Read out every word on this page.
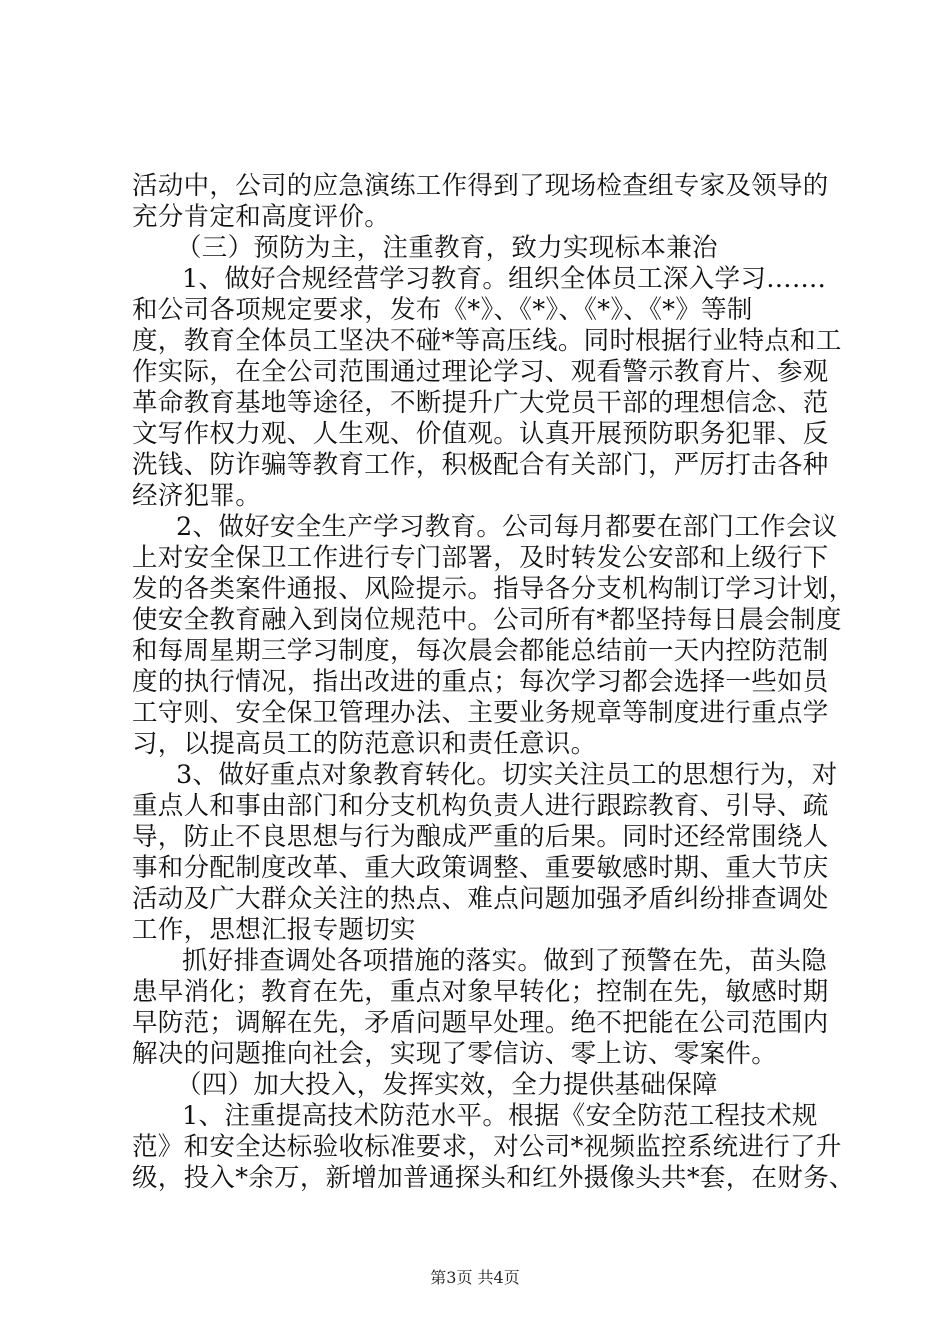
活动中，公司的应急演练工作得到了现场检查组专家及领导的
充分肯定和高度评价。
（三）预防为主，注重教育，致力实现标本兼治
1、做好合规经营学习教育。组织全体员工深入学习……．
和公司各项规定要求，发布《*》、《*》、《*》、《*》等制
度，教育全体员工坚决不碰*等高压线。同时根据行业特点和工
作实际，在全公司范围通过理论学习、观看警示教育片、参观
革命教育基地等途径，不断提升广大党员干部的理想信念、范
文写作权力观、人生观、价值观。认真开展预防职务犯罪、反
洗钱、防诈骗等教育工作，积极配合有关部门，严厉打击各种
经济犯罪。
2、做好安全生产学习教育。公司每月都要在部门工作会议
上对安全保卫工作进行专门部署，及时转发公安部和上级行下
发的各类案件通报、风险提示。指导各分支机构制订学习计划，
使安全教育融入到岗位规范中。公司所有*都坚持每日晨会制度
和每周星期三学习制度，每次晨会都能总结前一天内控防范制
度的执行情况，指出改进的重点；每次学习都会选择一些如员
工守则、安全保卫管理办法、主要业务规章等制度进行重点学
习，以提高员工的防范意识和责任意识。
3、做好重点对象教育转化。切实关注员工的思想行为，对
重点人和事由部门和分支机构负责人进行跟踪教育、引导、疏
导，防止不良思想与行为酿成严重的后果。同时还经常围绕人
事和分配制度改革、重大政策调整、重要敏感时期、重大节庆
活动及广大群众关注的热点、难点问题加强矛盾纠纷排查调处
工作，思想汇报专题切实
抓好排查调处各项措施的落实。做到了预警在先，苗头隐
患早消化；教育在先，重点对象早转化；控制在先，敏感时期
早防范；调解在先，矛盾问题早处理。绝不把能在公司范围内
解决的问题推向社会，实现了零信访、零上访、零案件。
（四）加大投入，发挥实效，全力提供基础保障
1、注重提高技术防范水平。根据《安全防范工程技术规
范》和安全达标验收标准要求，对公司*视频监控系统进行了升
级，投入*余万，新增加普通探头和红外摄像头共*套，在财务、
第3页 共4页
